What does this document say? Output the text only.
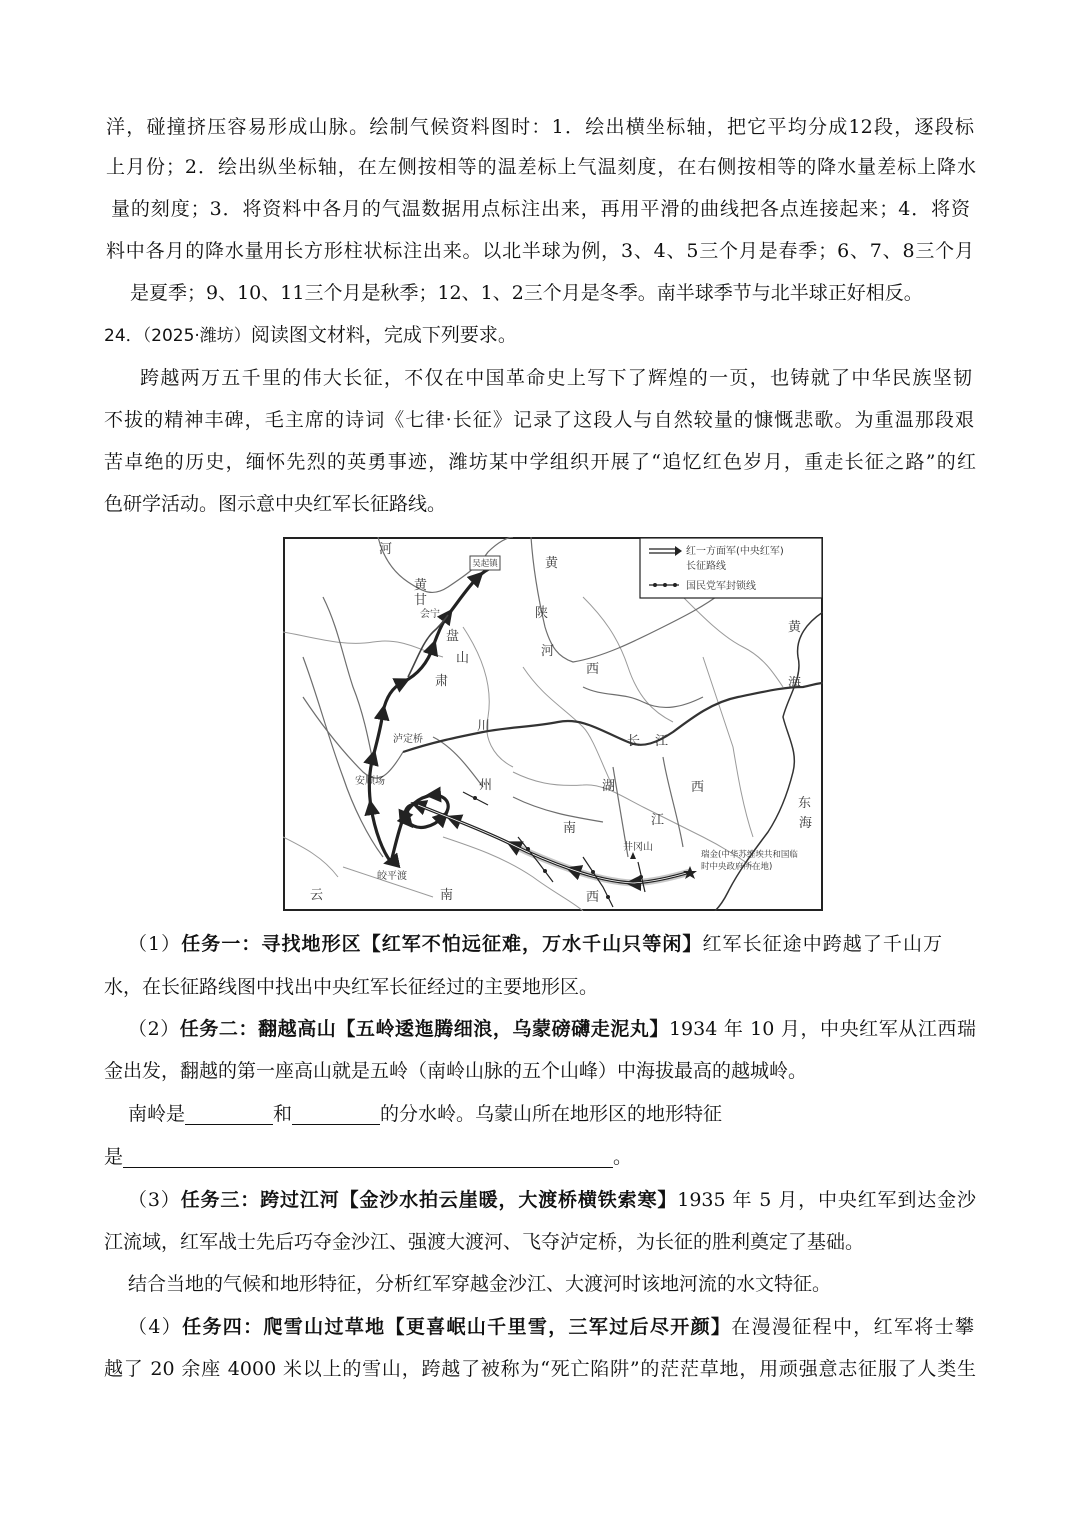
洋，碰撞挤压容易形成山脉。绘制气候资料图时：1．绘出横坐标轴，把它平均分成12段，逐段标
上月份；2．绘出纵坐标轴，在左侧按相等的温差标上气温刻度，在右侧按相等的降水量差标上降水
量的刻度；3．将资料中各月的气温数据用点标注出来，再用平滑的曲线把各点连接起来；4．将资
料中各月的降水量用长方形柱状标注出来。以北半球为例，3、4、5三个月是春季；6、7、8三个月
是夏季；9、10、11三个月是秋季；12、1、2三个月是冬季。南半球季节与北半球正好相反。
24．（2025·潍坊）阅读图文材料，完成下列要求。
跨越两万五千里的伟大长征，不仅在中国革命史上写下了辉煌的一页，也铸就了中华民族坚韧
不拔的精神丰碑，毛主席的诗词《七律·长征》记录了这段人与自然较量的慷慨悲歌。为重温那段艰
苦卓绝的历史，缅怀先烈的英勇事迹，潍坊某中学组织开展了“追忆红色岁月，重走长征之路”的红
色研学活动。图示意中央红军长征路线。
红一方面军(中央红军)
长征路线
国民党军封锁线
河
黄
吴起镇
黄
甘
会宁	陕
盘
山	河
肃
西
黄
海
泸定桥
安顺场
川
州
长 江
湖
江
南
西
东
海
井冈山
瑞金(中华苏维埃共和国临
时中央政府所在地)
皎平渡
云	南	西
（1）任务一：寻找地形区【红军不怕远征难，万水千山只等闲】红军长征途中跨越了千山万
水，在长征路线图中找出中央红军长征经过的主要地形区。
（2）任务二：翻越高山【五岭逶迤腾细浪，乌蒙磅礴走泥丸】1934 年 10 月，中央红军从江西瑞
金出发，翻越的第一座高山就是五岭（南岭山脉的五个山峰）中海拔最高的越城岭。
南岭是	和	的分水岭。乌蒙山所在地形区的地形特征
是	。
（3）任务三：跨过江河【金沙水拍云崖暖，大渡桥横铁索寒】1935 年 5 月，中央红军到达金沙
江流域，红军战士先后巧夺金沙江、强渡大渡河、飞夺泸定桥，为长征的胜利奠定了基础。
结合当地的气候和地形特征，分析红军穿越金沙江、大渡河时该地河流的水文特征。
（4）任务四：爬雪山过草地【更喜岷山千里雪，三军过后尽开颜】在漫漫征程中，红军将士攀
越了 20 余座 4000 米以上的雪山，跨越了被称为“死亡陷阱”的茫茫草地，用顽强意志征服了人类生
